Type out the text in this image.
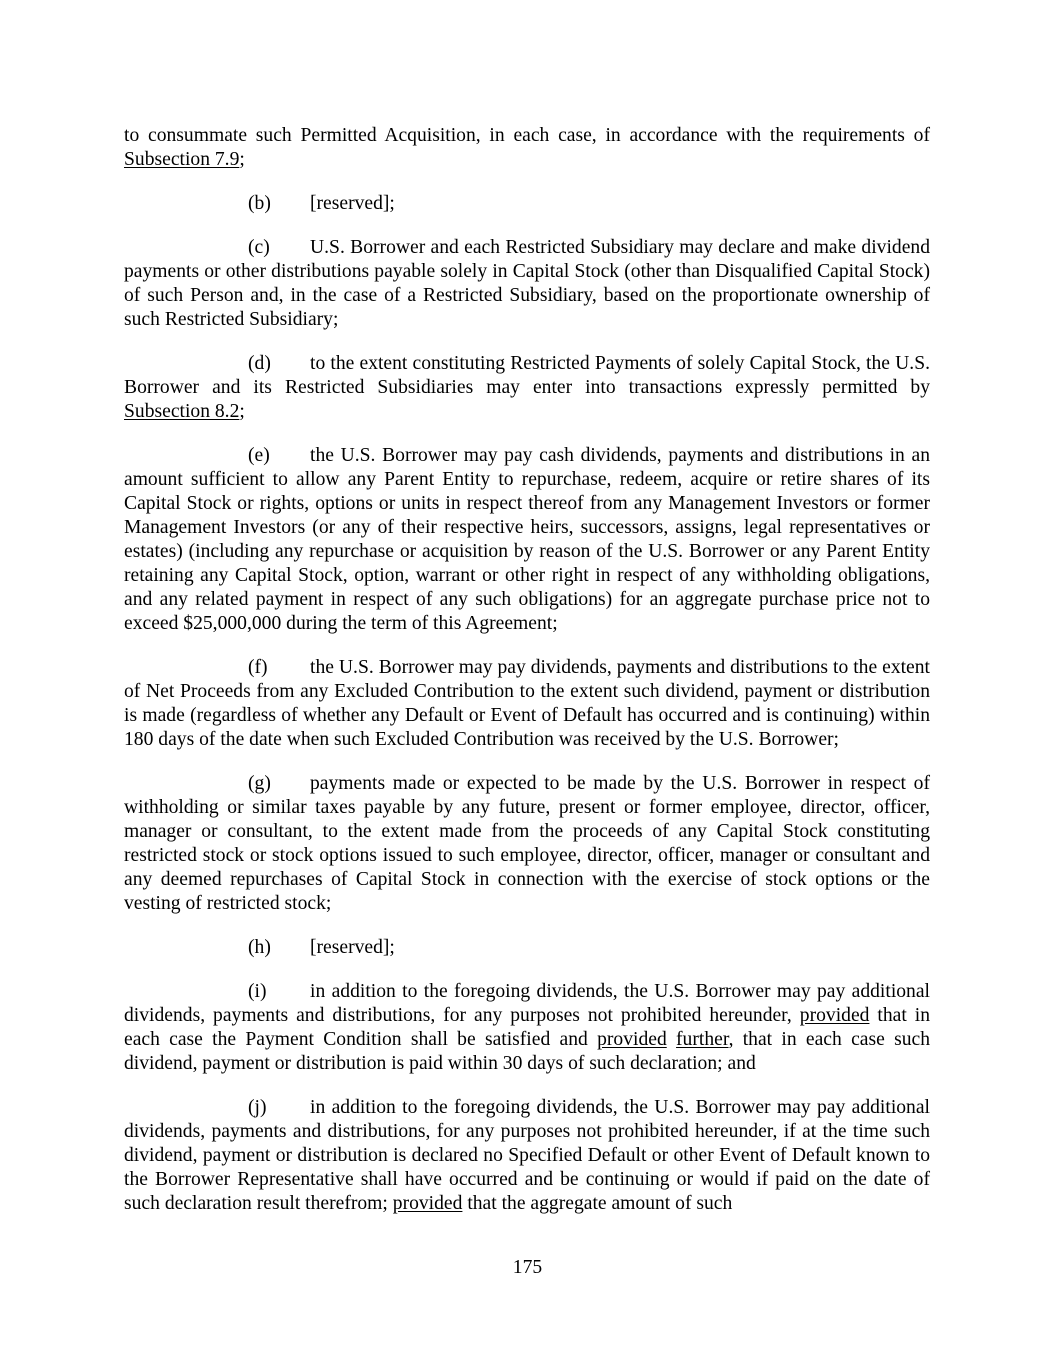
to consummate such Permitted Acquisition, in each case, in accordance with the requirements of Subsection 7.9;

(b) [reserved];

(c) U.S. Borrower and each Restricted Subsidiary may declare and make dividend payments or other distributions payable solely in Capital Stock (other than Disqualified Capital Stock) of such Person and, in the case of a Restricted Subsidiary, based on the proportionate ownership of such Restricted Subsidiary;

(d) to the extent constituting Restricted Payments of solely Capital Stock, the U.S. Borrower and its Restricted Subsidiaries may enter into transactions expressly permitted by Subsection 8.2;

(e) the U.S. Borrower may pay cash dividends, payments and distributions in an amount sufficient to allow any Parent Entity to repurchase, redeem, acquire or retire shares of its Capital Stock or rights, options or units in respect thereof from any Management Investors or former Management Investors (or any of their respective heirs, successors, assigns, legal representatives or estates) (including any repurchase or acquisition by reason of the U.S. Borrower or any Parent Entity retaining any Capital Stock, option, warrant or other right in respect of any withholding obligations, and any related payment in respect of any such obligations) for an aggregate purchase price not to exceed $25,000,000 during the term of this Agreement;

(f) the U.S. Borrower may pay dividends, payments and distributions to the extent of Net Proceeds from any Excluded Contribution to the extent such dividend, payment or distribution is made (regardless of whether any Default or Event of Default has occurred and is continuing) within 180 days of the date when such Excluded Contribution was received by the U.S. Borrower;

(g) payments made or expected to be made by the U.S. Borrower in respect of withholding or similar taxes payable by any future, present or former employee, director, officer, manager or consultant, to the extent made from the proceeds of any Capital Stock constituting restricted stock or stock options issued to such employee, director, officer, manager or consultant and any deemed repurchases of Capital Stock in connection with the exercise of stock options or the vesting of restricted stock;

(h) [reserved];

(i) in addition to the foregoing dividends, the U.S. Borrower may pay additional dividends, payments and distributions, for any purposes not prohibited hereunder, provided that in each case the Payment Condition shall be satisfied and provided further, that in each case such dividend, payment or distribution is paid within 30 days of such declaration; and

(j) in addition to the foregoing dividends, the U.S. Borrower may pay additional dividends, payments and distributions, for any purposes not prohibited hereunder, if at the time such dividend, payment or distribution is declared no Specified Default or other Event of Default known to the Borrower Representative shall have occurred and be continuing or would if paid on the date of such declaration result therefrom; provided that the aggregate amount of such

175
